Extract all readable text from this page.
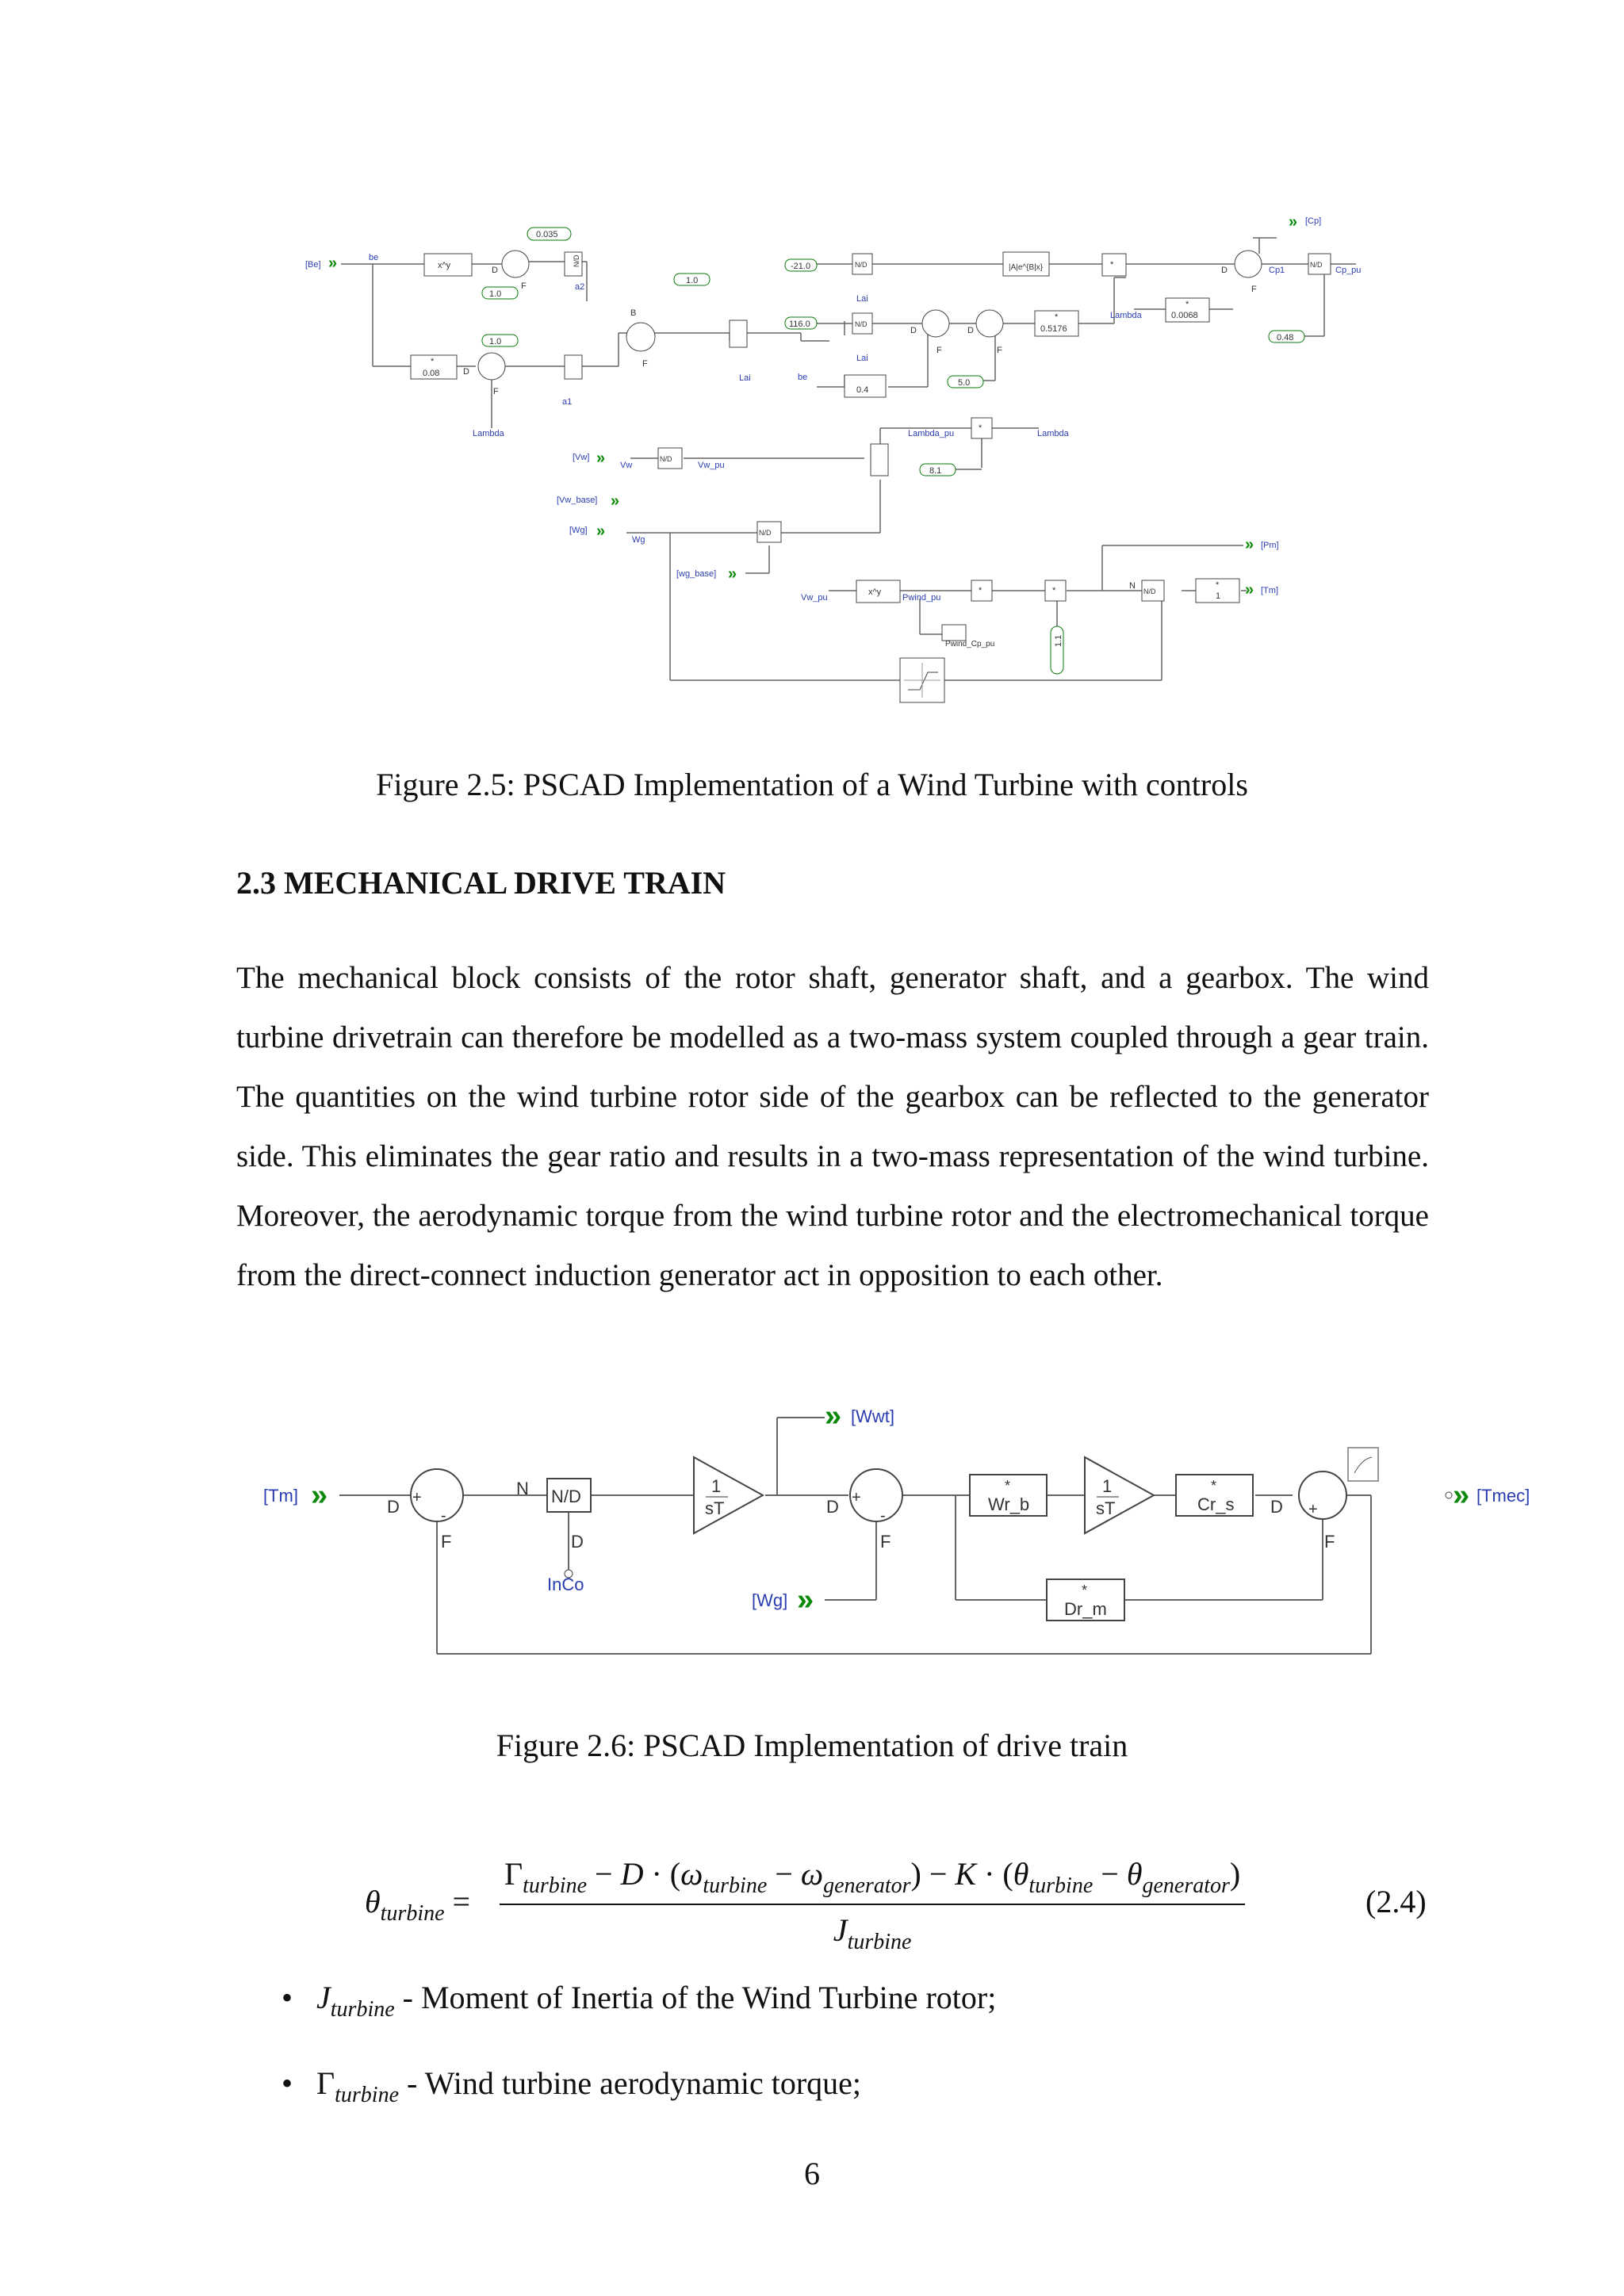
[Be] »	be
x^y
0.035
1.0
D
F
N/D
a2
1.0
*
0.08	D
F
Lambda
a1
1.0
B
F
Lai
-21.0	N/D
Lai
116.0	N/D
Lai
be
0.4
5.0
D	D
F	F
*
0.5176
|A|e^{B|x}	*
Lambda
*
0.0068
D
F
Cp1
N/D
Cp_pu
» [Cp]
0.48
Lambda_pu
*
Lambda
8.1
[Vw] » Vw
N/D
Vw_pu
[Vw_base] »
[Wg] »	Wg
N/D
[wg_base] »
Vw_pu
x^y
Pwind_pu
*
Pwind_Cp_pu
*
1.1
N
N/D
*
1 » [Tm]
» [Pm]
Figure 2.5: PSCAD Implementation of a Wind Turbine with controls
2.3 MECHANICAL DRIVE TRAIN

The mechanical block consists of the rotor shaft, generator shaft, and a gearbox. The wind turbine drivetrain can therefore be modelled as a two-mass system coupled through a gear train. The quantities on the wind turbine rotor side of the gearbox can be reflected to the generator side. This eliminates the gear ratio and results in a two-mass representation of the wind turbine. Moreover, the aerodynamic torque from the wind turbine rotor and the electromechanical torque from the direct-connect induction generator act in opposition to each other.

[Tm] »	D +
-
F
N N/D
D
InCo
1
sT
» [Wwt]
D +
-
F
[Wg] »
*
Wr_b
1
sT
*
Cr_s
*
Dr_m
D +
F
» [Tmec]
Figure 2.6: PSCAD Implementation of drive train
$\theta_{turbine}$ =
$\Gamma_{turbine} - D \cdot (\omega_{turbine} - \omega_{generator}) - K \cdot (\theta_{turbine} - \theta_{generator})$
$J_{turbine}$
(2.4)
• $J_{turbine}$ - Moment of Inertia of the Wind Turbine rotor;
• $\Gamma_{turbine}$ - Wind turbine aerodynamic torque;
6
